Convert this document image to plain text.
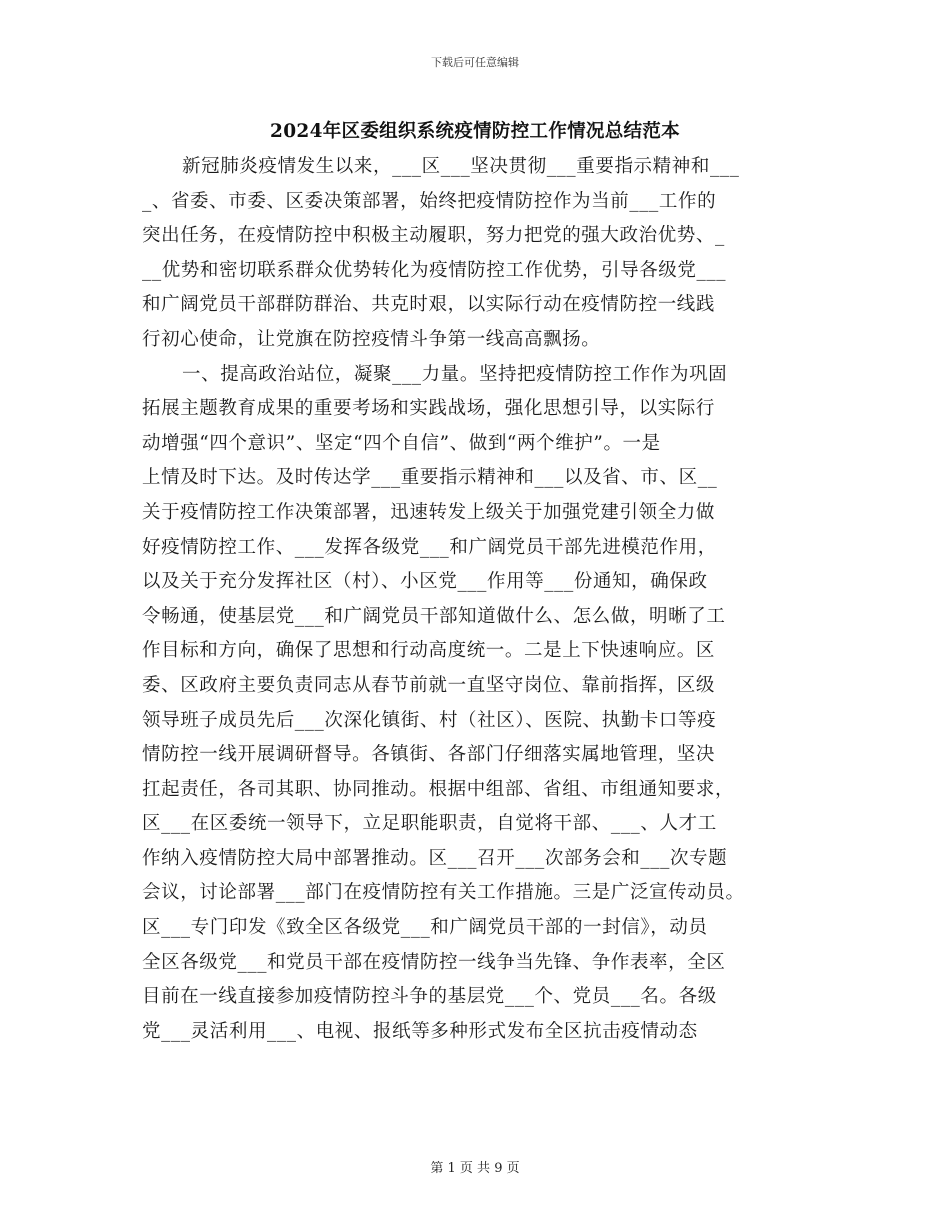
下载后可任意编辑
2024年区委组织系统疫情防控工作情况总结范本
新冠肺炎疫情发生以来，___区___坚决贯彻___重要指示精神和___
_、省委、市委、区委决策部署，始终把疫情防控作为当前___工作的
突出任务，在疫情防控中积极主动履职，努力把党的强大政治优势、_
__优势和密切联系群众优势转化为疫情防控工作优势，引导各级党___
和广阔党员干部群防群治、共克时艰，以实际行动在疫情防控一线践
行初心使命，让党旗在防控疫情斗争第一线高高飘扬。
一、提高政治站位，凝聚___力量。坚持把疫情防控工作作为巩固
拓展主题教育成果的重要考场和实践战场，强化思想引导，以实际行
动增强“四个意识”、坚定“四个自信”、做到“两个维护”。一是
上情及时下达。及时传达学___重要指示精神和___以及省、市、区__
关于疫情防控工作决策部署，迅速转发上级关于加强党建引领全力做
好疫情防控工作、___发挥各级党___和广阔党员干部先进模范作用，
以及关于充分发挥社区（村）、小区党___作用等___份通知，确保政
令畅通，使基层党___和广阔党员干部知道做什么、怎么做，明晰了工
作目标和方向，确保了思想和行动高度统一。二是上下快速响应。区
委、区政府主要负责同志从春节前就一直坚守岗位、靠前指挥，区级
领导班子成员先后___次深化镇街、村（社区）、医院、执勤卡口等疫
情防控一线开展调研督导。各镇街、各部门仔细落实属地管理，坚决
扛起责任，各司其职、协同推动。根据中组部、省组、市组通知要求，
区___在区委统一领导下，立足职能职责，自觉将干部、___、人才工
作纳入疫情防控大局中部署推动。区___召开___次部务会和___次专题
会议，讨论部署___部门在疫情防控有关工作措施。三是广泛宣传动员。
区___专门印发《致全区各级党___和广阔党员干部的一封信》，动员
全区各级党___和党员干部在疫情防控一线争当先锋、争作表率，全区
目前在一线直接参加疫情防控斗争的基层党___个、党员___名。各级
党___灵活利用___、电视、报纸等多种形式发布全区抗击疫情动态
第 1 页 共 9 页
